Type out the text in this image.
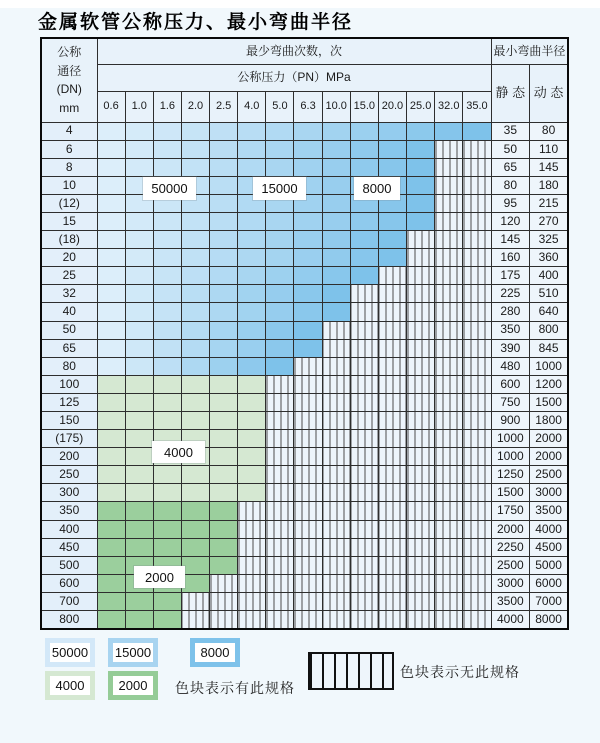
金属软管公称压力、最小弯曲半径
公称
通径
(DN)
mm	最少弯曲次数，次														最小弯曲半径	
	公称压力（PN）MPa														静 态	动 态
	0.6	1.0	1.6	2.0	2.5	4.0	5.0	6.3	10.0	15.0	20.0	25.0	32.0	35.0		
4															35	80
6															50	110
8															65	145
10															80	180
(12)															95	215
15															120	270
(18)															145	325
20															160	360
25															175	400
32															225	510
40															280	640
50															350	800
65															390	845
80															480	1000
100															600	1200
125															750	1500
150															900	1800
(175)															1000	2000
200															1000	2000
250															1250	2500
300															1500	3000
350															1750	3500
400															2000	4000
450															2250	4500
500															2500	5000
600															3000	6000
700															3500	7000
800															4000	8000
50000	15000	8000
4000
2000
50000 15000	8000
4000	2000	色块表示有此规格
色块表示无此规格
